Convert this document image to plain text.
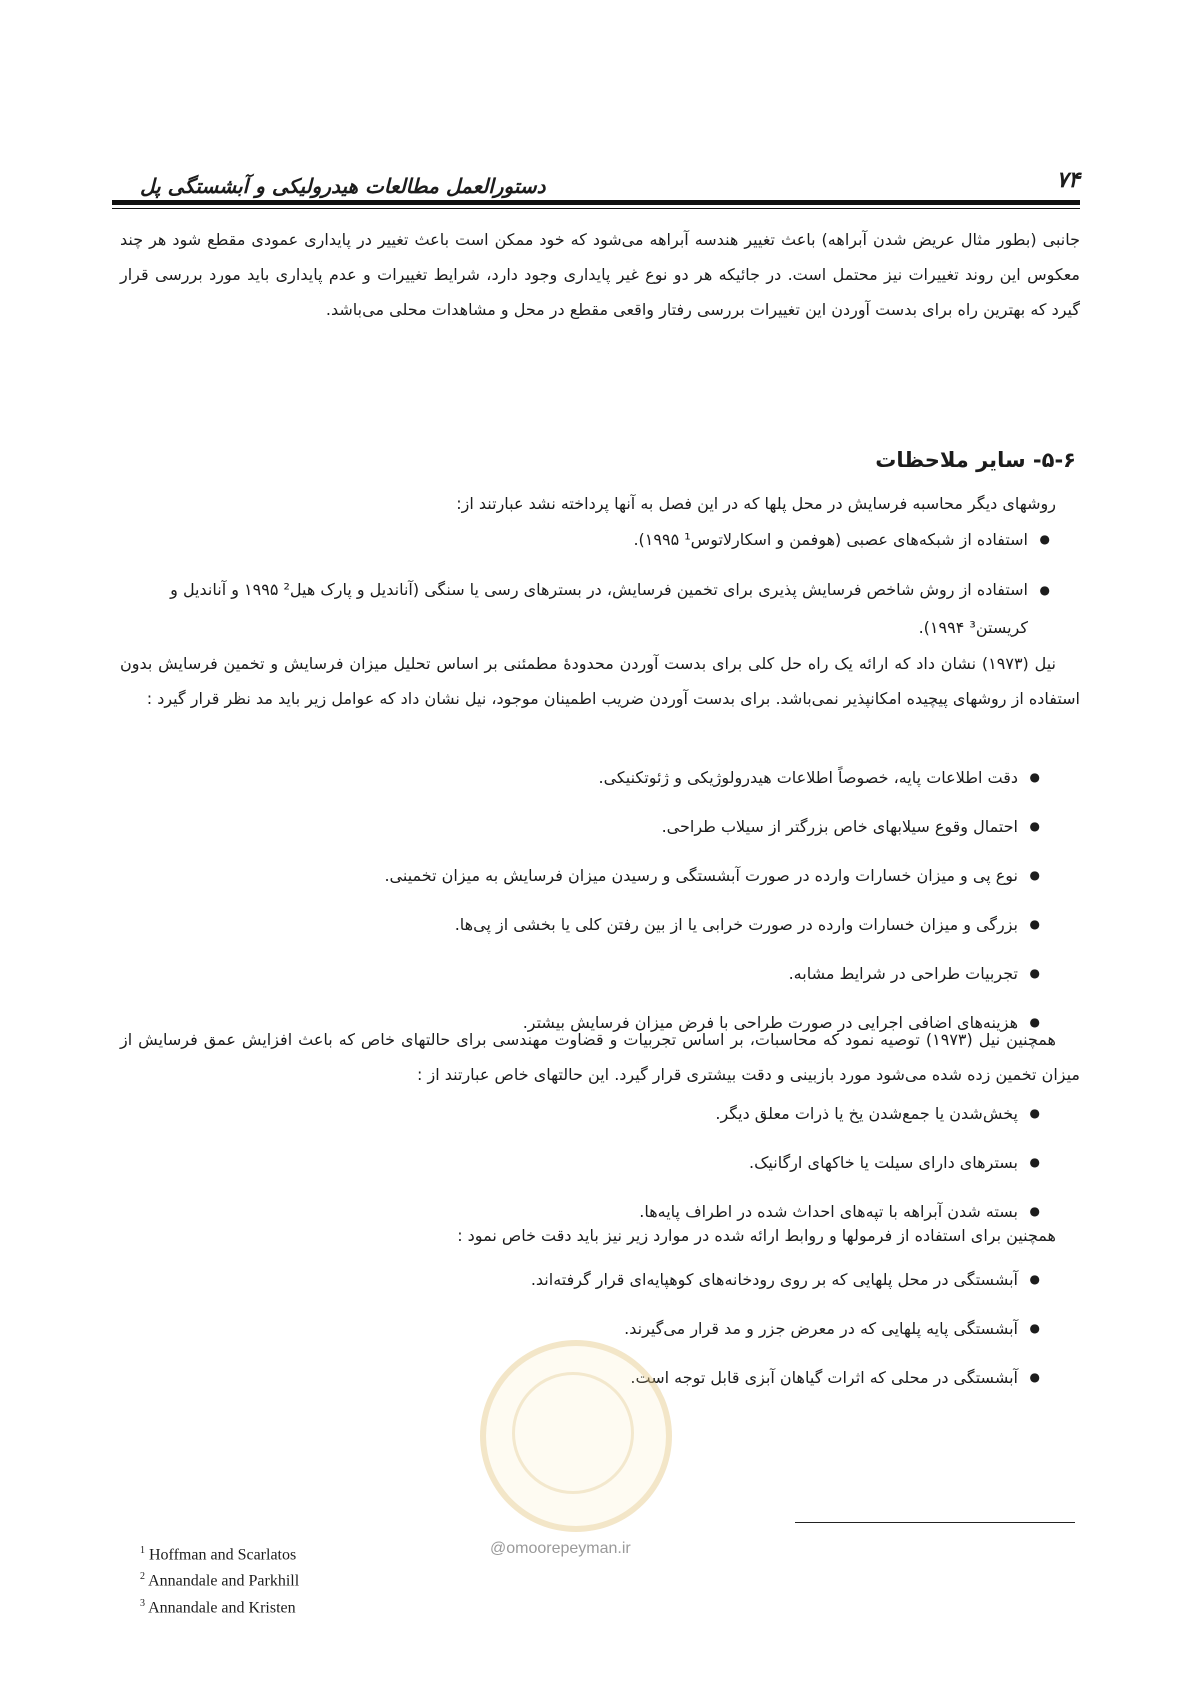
۷۴
دستورالعمل مطالعات هیدرولیکی و آبشستگی پل

جانبی (بطور مثال عریض شدن آبراهه) باعث تغییر هندسه آبراهه می‌شود که خود ممکن است باعث تغییر در پایداری عمودی مقطع شود هر چند معکوس این روند تغییرات نیز محتمل است. در جائیکه هر دو نوع غیر پایداری وجود دارد، شرایط تغییرات و عدم پایداری باید مورد بررسی قرار گیرد که بهترین راه برای بدست آوردن این تغییرات بررسی رفتار واقعی مقطع در محل و مشاهدات محلی می‌باشد.

۵-۶- سایر ملاحظات

روشهای دیگر محاسبه فرسایش در محل پلها که در این فصل به آنها پرداخته نشد عبارتند از:

● استفاده از شبکه‌های عصبی (هوفمن و اسکارلاتوس¹ ۱۹۹۵).
● استفاده از روش شاخص فرسایش پذیری برای تخمین فرسایش، در بسترهای رسی یا سنگی (آناندیل و پارک هیل² ۱۹۹۵ و آناندیل و کریستن³ ۱۹۹۴).

نیل (۱۹۷۳) نشان داد که ارائه یک راه حل کلی برای بدست آوردن محدودهٔ مطمئنی بر اساس تحلیل میزان فرسایش و تخمین فرسایش بدون استفاده از روشهای پیچیده امکانپذیر نمی‌باشد. برای بدست آوردن ضریب اطمینان موجود، نیل نشان داد که عوامل زیر باید مد نظر قرار گیرد :

● دقت اطلاعات پایه، خصوصاً اطلاعات هیدرولوژیکی و ژئوتکنیکی.
● احتمال وقوع سیلابهای خاص بزرگتر از سیلاب طراحی.
● نوع پی و میزان خسارات وارده در صورت آبشستگی و رسیدن میزان فرسایش به میزان تخمینی.
● بزرگی و میزان خسارات وارده در صورت خرابی یا از بین رفتن کلی یا بخشی از پی‌ها.
● تجربیات طراحی در شرایط مشابه.
● هزینه‌های اضافی اجرایی در صورت طراحی با فرض میزان فرسایش بیشتر.

همچنین نیل (۱۹۷۳) توصیه نمود که محاسبات، بر اساس تجربیات و قضاوت مهندسی برای حالتهای خاص که باعث افزایش عمق فرسایش از میزان تخمین زده شده می‌شود مورد بازبینی و دقت بیشتری قرار گیرد. این حالتهای خاص عبارتند از :

● پخش‌شدن یا جمع‌شدن یخ یا ذرات معلق دیگر.
● بسترهای دارای سیلت یا خاکهای ارگانیک.
● بسته شدن آبراهه با تپه‌های احداث شده در اطراف پایه‌ها.

همچنین برای استفاده از فرمولها و روابط ارائه شده در موارد زیر نیز باید دقت خاص نمود :

● آبشستگی در محل پلهایی که بر روی رودخانه‌های کوهپایه‌ای قرار گرفته‌اند.
● آبشستگی پایه پلهایی که در معرض جزر و مد قرار می‌گیرند.
● آبشستگی در محلی که اثرات گیاهان آبزی قابل توجه است.
@omoorepeyman.ir
$^1$ Hoffman and Scarlatos
$^2$ Annandale and Parkhill
$^3$ Annandale and Kristen
